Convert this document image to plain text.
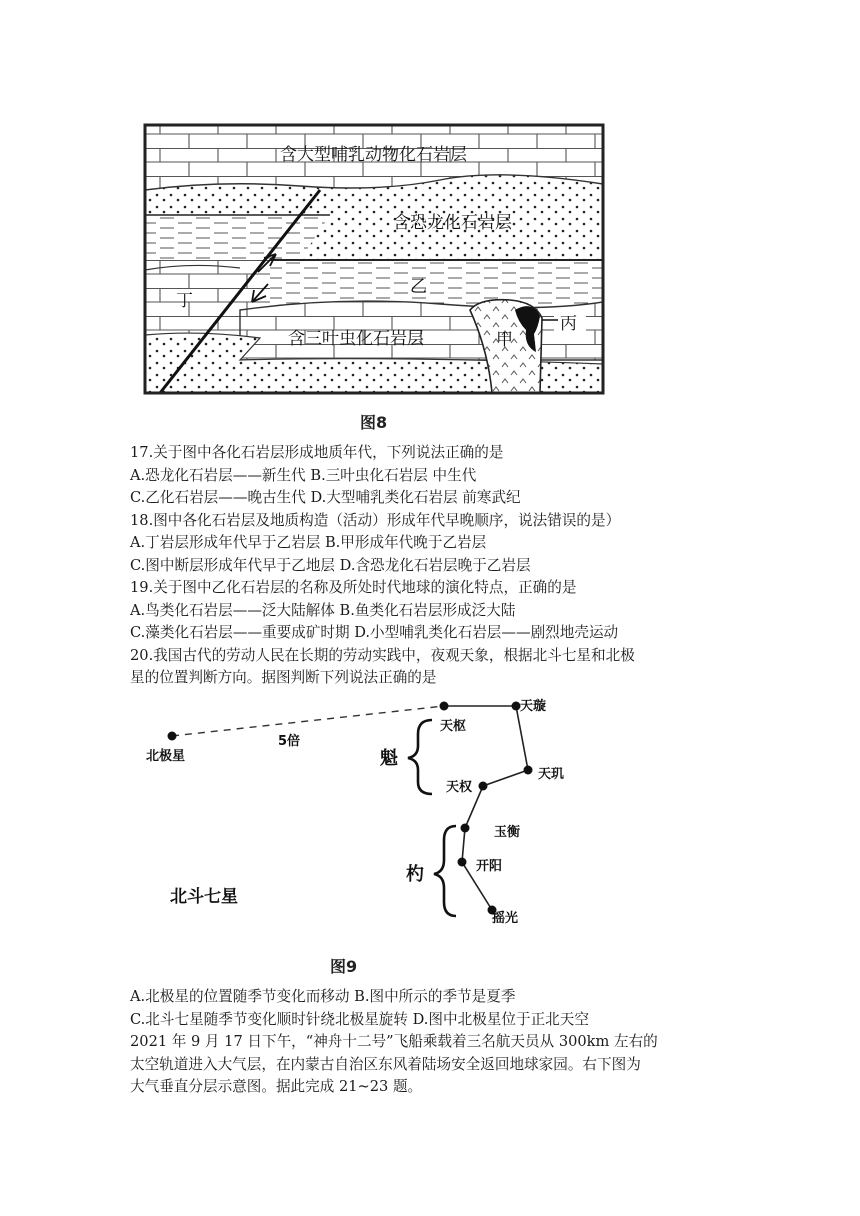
含大型哺乳动物化石岩层
含恐龙化石岩层
乙
丁
含三叶虫化石岩层	甲
丙
图8

17.关于图中各化石岩层形成地质年代，下列说法正确的是

A.恐龙化石岩层——新生代 B.三叶虫化石岩层 中生代

C.乙化石岩层——晚古生代 D.大型哺乳类化石岩层 前寒武纪

18.图中各化石岩层及地质构造（活动）形成年代早晚顺序，说法错误的是）

A.丁岩层形成年代早于乙岩层 B.甲形成年代晚于乙岩层

C.图中断层形成年代早于乙地层 D.含恐龙化石岩层晚于乙岩层

19.关于图中乙化石岩层的名称及所处时代地球的演化特点，正确的是

A.鸟类化石岩层——泛大陆解体 B.鱼类化石岩层形成泛大陆

C.藻类化石岩层——重要成矿时期 D.小型哺乳类化石岩层——剧烈地壳运动

20.我国古代的劳动人民在长期的劳动实践中，夜观天象，根据北斗七星和北极

星的位置判断方向。据图判断下列说法正确的是

北极星
5倍
天枢
天璇
天玑
天权
玉衡
开阳
摇光
魁
杓
北斗七星
图9

A.北极星的位置随季节变化而移动 B.图中所示的季节是夏季

C.北斗七星随季节变化顺时针绕北极星旋转 D.图中北极星位于正北天空

2021 年 9 月 17 日下午，“神舟十二号”飞船乘载着三名航天员从 300km 左右的

太空轨道进入大气层，在内蒙古自治区东风着陆场安全返回地球家园。右下图为

大气垂直分层示意图。据此完成 21~23 题。
